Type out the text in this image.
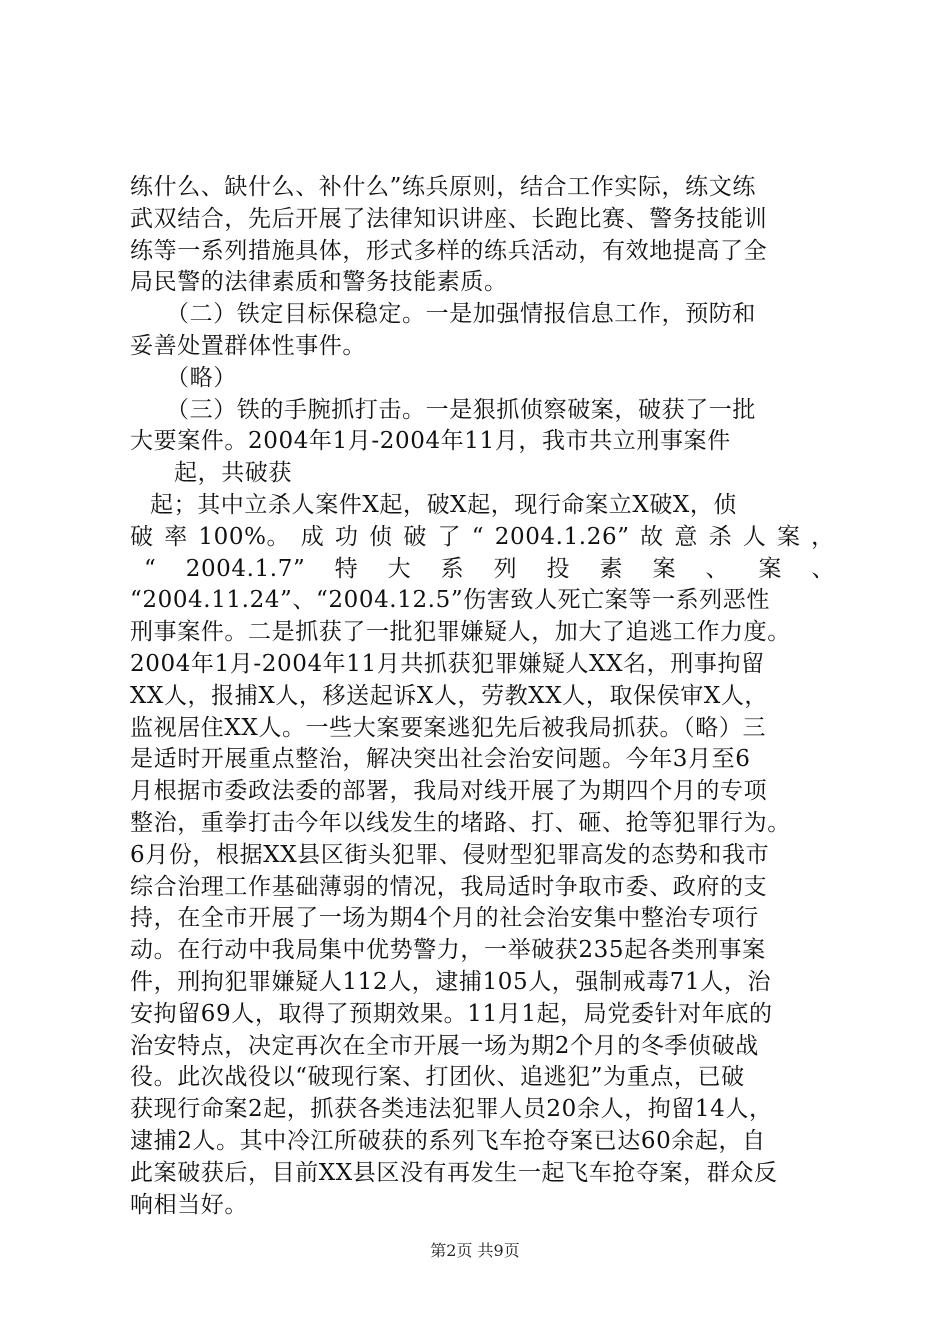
练什么、缺什么、补什么”练兵原则，结合工作实际，练文练
武双结合，先后开展了法律知识讲座、长跑比赛、警务技能训
练等一系列措施具体，形式多样的练兵活动，有效地提高了全
局民警的法律素质和警务技能素质。
（二）铁定目标保稳定。一是加强情报信息工作，预防和
妥善处置群体性事件。
（略）
（三）铁的手腕抓打击。一是狠抓侦察破案，破获了一批
大要案件。2004年1月-2004年11月，我市共立刑事案件
起，共破获
起；其中立杀人案件X起，破X起，现行命案立X破X，侦
破 率 100%。 成 功 侦 破 了 “ 2004.1.26” 故 意 杀 人 案 ，
“ 2004.1.7” 特 大 系 列 投 素 案 、 案 、
“2004.11.24”、“2004.12.5”伤害致人死亡案等一系列恶性
刑事案件。二是抓获了一批犯罪嫌疑人，加大了追逃工作力度。
2004年1月-2004年11月共抓获犯罪嫌疑人XX名，刑事拘留
XX人，报捕X人，移送起诉X人，劳教XX人，取保侯审X人，
监视居住XX人。一些大案要案逃犯先后被我局抓获。（略）三
是适时开展重点整治，解决突出社会治安问题。今年3月至6
月根据市委政法委的部署，我局对线开展了为期四个月的专项
整治，重拳打击今年以线发生的堵路、打、砸、抢等犯罪行为。
6月份，根据XX县区街头犯罪、侵财型犯罪高发的态势和我市
综合治理工作基础薄弱的情况，我局适时争取市委、政府的支
持，在全市开展了一场为期4个月的社会治安集中整治专项行
动。在行动中我局集中优势警力，一举破获235起各类刑事案
件，刑拘犯罪嫌疑人112人，逮捕105人，强制戒毒71人，治
安拘留69人，取得了预期效果。11月1起，局党委针对年底的
治安特点，决定再次在全市开展一场为期2个月的冬季侦破战
役。此次战役以“破现行案、打团伙、追逃犯”为重点，已破
获现行命案2起，抓获各类违法犯罪人员20余人，拘留14人，
逮捕2人。其中冷江所破获的系列飞车抢夺案已达60余起，自
此案破获后，目前XX县区没有再发生一起飞车抢夺案，群众反
响相当好。
第2页 共9页
